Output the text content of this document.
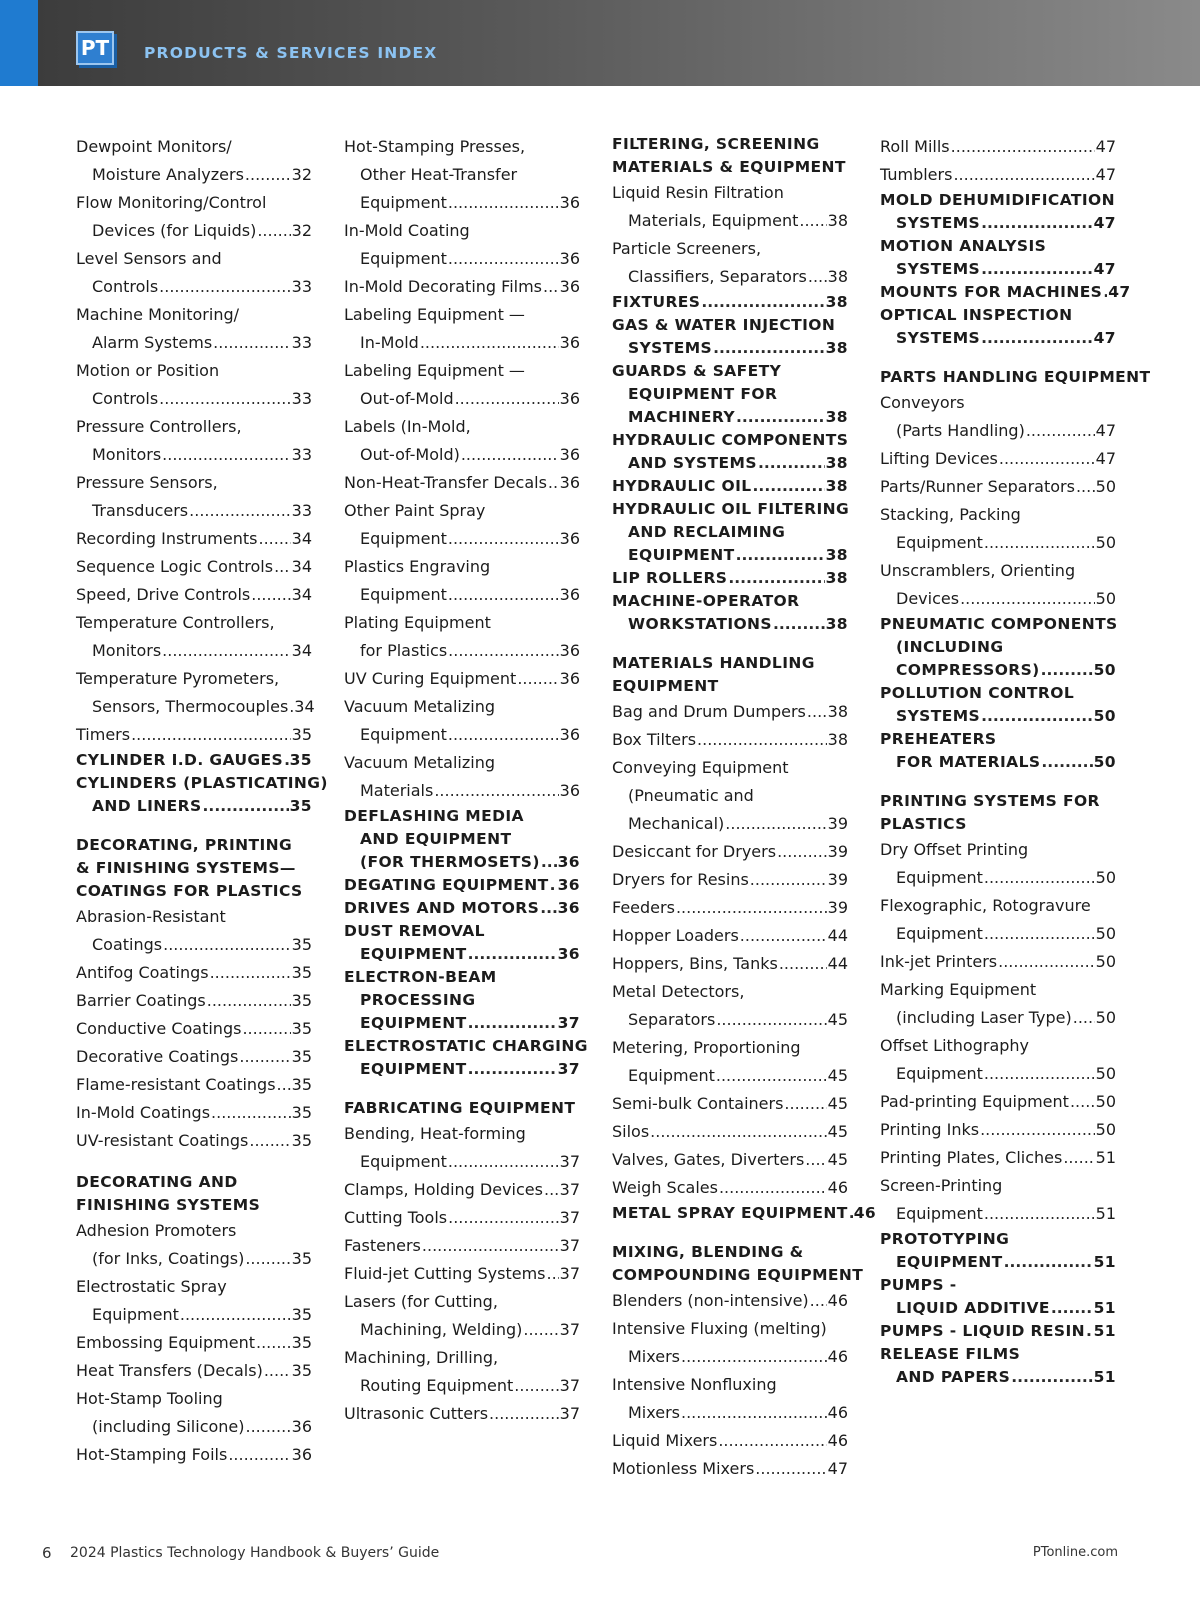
PT	PRODUCTS & SERVICES INDEX
Dewpoint Monitors/
Moisture Analyzers .....	32
Flow Monitoring/Control
Devices (for Liquids) ..... 32
Level Sensors and
Controls .....	33
Machine Monitoring/
Alarm Systems .....	33
Motion or Position
Controls .....	33
Pressure Controllers,
Monitors .....	33
Pressure Sensors,
Transducers .....	33
Recording Instruments ..... 34
Sequence Logic Controls ..... 34
Speed, Drive Controls .....	34
Temperature Controllers,
Monitors .....	34
Temperature Pyrometers,
Sensors, Thermocouples ..... 34
Timers .....	35
CYLINDER I.D. GAUGES ..... 35
CYLINDERS (PLASTICATING)
AND LINERS .....	35
DECORATING, PRINTING
& FINISHING SYSTEMS—
COATINGS FOR PLASTICS
Abrasion-Resistant
Coatings .....	35
Antifog Coatings .....	35
Barrier Coatings .....	35
Conductive Coatings .....	35
Decorative Coatings .....	35
Flame-resistant Coatings ..... 35
In-Mold Coatings .....	35
UV-resistant Coatings .....	35
DECORATING AND
FINISHING SYSTEMS
Adhesion Promoters
(for Inks, Coatings) .....	35
Electrostatic Spray
Equipment .....	35
Embossing Equipment ..... 35
Heat Transfers (Decals) ..... 35
Hot-Stamp Tooling
(including Silicone) .....	36
Hot-Stamping Foils .....	36
Hot-Stamping Presses,
Other Heat-Transfer
Equipment .....	36
In-Mold Coating
Equipment .....	36
In-Mold Decorating Films ..... 36
Labeling Equipment —
In-Mold .....	36
Labeling Equipment —
Out-of-Mold .....	36
Labels (In-Mold,
Out-of-Mold) .....	36
Non-Heat-Transfer Decals ..... 36
Other Paint Spray
Equipment .....	36
Plastics Engraving
Equipment .....	36
Plating Equipment
for Plastics .....	36
UV Curing Equipment .....	36
Vacuum Metalizing
Equipment .....	36
Vacuum Metalizing
Materials .....	36
DEFLASHING MEDIA
AND EQUIPMENT
(FOR THERMOSETS) ..... 36
DEGATING EQUIPMENT ..... 36
DRIVES AND MOTORS ..... 36
DUST REMOVAL
EQUIPMENT .....	36
ELECTRON-BEAM
PROCESSING
EQUIPMENT .....	37
ELECTROSTATIC CHARGING
EQUIPMENT .....	37
FABRICATING EQUIPMENT
Bending, Heat-forming
Equipment .....	37
Clamps, Holding Devices ..... 37
Cutting Tools .....	37
Fasteners .....	37
Fluid-jet Cutting Systems ..... 37
Lasers (for Cutting,
Machining, Welding) ..... 37
Machining, Drilling,
Routing Equipment .....	37
Ultrasonic Cutters .....	37
FILTERING, SCREENING
MATERIALS & EQUIPMENT
Liquid Resin Filtration
Materials, Equipment ..... 38
Particle Screeners,
Classifiers, Separators ..... 38
FIXTURES .....	38
GAS & WATER INJECTION
SYSTEMS .....	38
GUARDS & SAFETY
EQUIPMENT FOR
MACHINERY .....	38
HYDRAULIC COMPONENTS
AND SYSTEMS .....	38
HYDRAULIC OIL .....	38
HYDRAULIC OIL FILTERING
AND RECLAIMING
EQUIPMENT .....	38
LIP ROLLERS .....	38
MACHINE-OPERATOR
WORKSTATIONS .....	38
MATERIALS HANDLING
EQUIPMENT
Bag and Drum Dumpers ..... 38
Box Tilters .....	38
Conveying Equipment
(Pneumatic and
Mechanical) .....	39
Desiccant for Dryers .....	39
Dryers for Resins .....	39
Feeders .....	39
Hopper Loaders .....	44
Hoppers, Bins, Tanks .....	44
Metal Detectors,
Separators .....	45
Metering, Proportioning
Equipment .....	45
Semi-bulk Containers .....	45
Silos .....	45
Valves, Gates, Diverters ..... 45
Weigh Scales .....	46
METAL SPRAY EQUIPMENT ..... 46
MIXING, BLENDING &
COMPOUNDING EQUIPMENT
Blenders (non-intensive) ..... 46
Intensive Fluxing (melting)
Mixers .....	46
Intensive Nonfluxing
Mixers .....	46
Liquid Mixers .....	46
Motionless Mixers .....	47
Roll Mills .....	47
Tumblers .....	47
MOLD DEHUMIDIFICATION
SYSTEMS .....	47
MOTION ANALYSIS
SYSTEMS .....	47
MOUNTS FOR MACHINES ..... 47
OPTICAL INSPECTION
SYSTEMS .....	47
PARTS HANDLING EQUIPMENT
Conveyors
(Parts Handling) .....	47
Lifting Devices .....	47
Parts/Runner Separators ..... 50
Stacking, Packing
Equipment .....	50
Unscramblers, Orienting
Devices .....	50
PNEUMATIC COMPONENTS
(INCLUDING
COMPRESSORS) .....	50
POLLUTION CONTROL
SYSTEMS .....	50
PREHEATERS
FOR MATERIALS .....	50
PRINTING SYSTEMS FOR
PLASTICS
Dry Offset Printing
Equipment .....	50
Flexographic, Rotogravure
Equipment .....	50
Ink-jet Printers .....	50
Marking Equipment
(including Laser Type) ..... 50
Offset Lithography
Equipment .....	50
Pad-printing Equipment ..... 50
Printing Inks .....	50
Printing Plates, Cliches ..... 51
Screen-Printing
Equipment .....	51
PROTOTYPING
EQUIPMENT .....	51
PUMPS -
LIQUID ADDITIVE .....	51
PUMPS - LIQUID RESIN ..... 51
RELEASE FILMS
AND PAPERS .....	51
6 2024 Plastics Technology Handbook & Buyers’ Guide	PTonline.com
